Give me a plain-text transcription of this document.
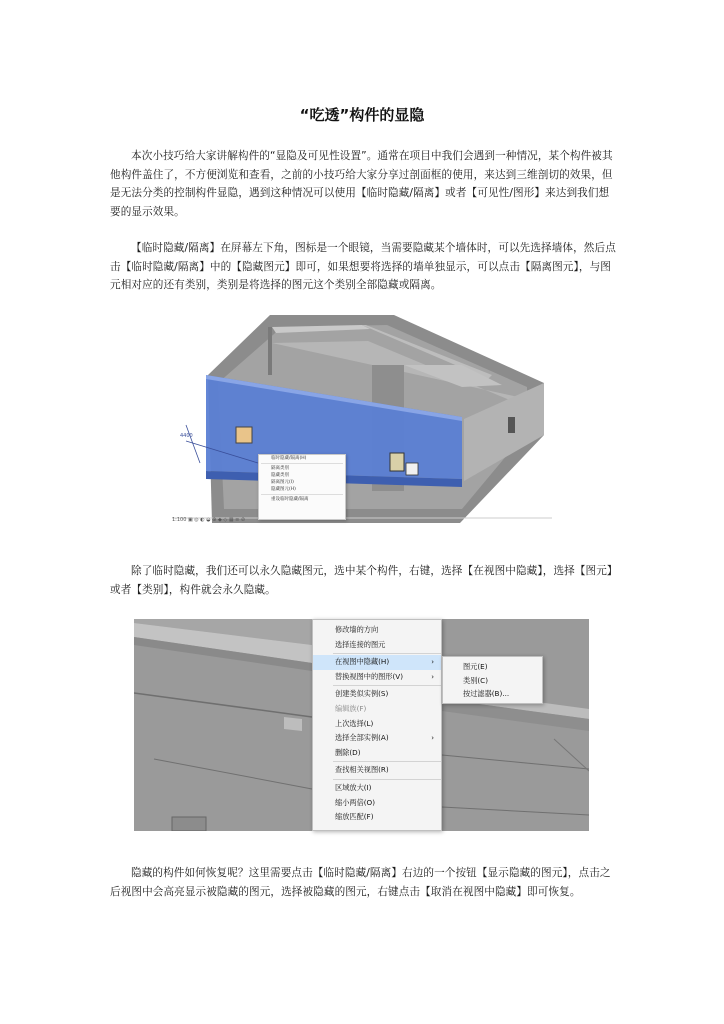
“吃透”构件的显隐

本次小技巧给大家讲解构件的“显隐及可见性设置”。通常在项目中我们会遇到一种情况，某个构件被其他构件盖住了，不方便浏览和查看，之前的小技巧给大家分享过剖面框的使用，来达到三维剖切的效果，但是无法分类的控制构件显隐，遇到这种情况可以使用【临时隐藏/隔离】或者【可见性/图形】来达到我们想要的显示效果。

【临时隐藏/隔离】在屏幕左下角，图标是一个眼镜，当需要隐藏某个墙体时，可以先选择墙体，然后点击【临时隐藏/隔离】中的【隐藏图元】即可，如果想要将选择的墙单独显示，可以点击【隔离图元】，与图元相对应的还有类别，类别是将选择的图元这个类别全部隐藏或隔离。

4400
临时隐藏/隔离(H)
隔离类别
隐藏类别
隔离图元(I)
隐藏图元(H)
重设临时隐藏/隔离
1:100 ▣ ◎ ◐ ◒ ⊕ ◆ ◇ ▦ ≡ ⊘

除了临时隐藏，我们还可以永久隐藏图元，选中某个构件，右键，选择【在视图中隐藏】，选择【图元】或者【类别】，构件就会永久隐藏。

修改墙的方向
选择连接的图元
在视图中隐藏(H)	›
替换视图中的图形(V)	›
创建类似实例(S)
编辑族(F)
上次选择(L)
选择全部实例(A)	›
删除(D)
查找相关视图(R)
区域放大(I)
缩小两倍(O)
缩放匹配(F)
图元(E)
类别(C)
按过滤器(B)...

隐藏的构件如何恢复呢？这里需要点击【临时隐藏/隔离】右边的一个按钮【显示隐藏的图元】，点击之后视图中会高亮显示被隐藏的图元，选择被隐藏的图元，右键点击【取消在视图中隐藏】即可恢复。
